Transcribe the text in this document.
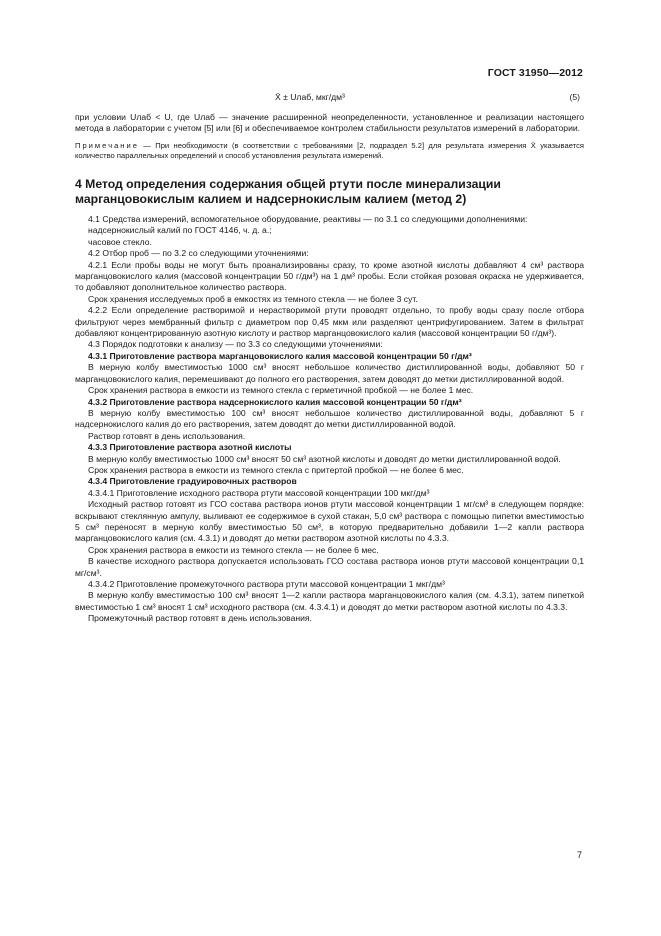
ГОСТ 31950—2012
X̄ ± Uлаб, мкг/дм³	(5)

при условии Uлаб < U, где Uлаб — значение расширенной неопределенности, установленное и реализации настоящего метода в лаборатории с учетом [5] или [6] и обеспечиваемое контролем стабильности результатов измерений в лаборатории.

Примечание — При необходимости (в соответствии с требованиями [2, подраздел 5.2] для результата измерения X̄ указывается количество параллельных определений и способ установления результата измерений.

4 Метод определения содержания общей ртути после минерализации марганцовокислым калием и надсернокислым калием (метод 2)

4.1 Средства измерений, вспомогательное оборудование, реактивы — по 3.1 со следующими дополнениями:

надсернокислый калий по ГОСТ 4146, ч. д. а.;

часовое стекло.

4.2 Отбор проб — по 3.2 со следующими уточнениями:

4.2.1 Если пробы воды не могут быть проанализированы сразу, то кроме азотной кислоты добавляют 4 см³ раствора марганцовокислого калия (массовой концентрации 50 г/дм³) на 1 дм³ пробы. Если стойкая розовая окраска не удерживается, то добавляют дополнительное количество раствора.

Срок хранения исследуемых проб в емкостях из темного стекла — не более 3 сут.

4.2.2 Если определение растворимой и нерастворимой ртути проводят отдельно, то пробу воды сразу после отбора фильтруют через мембранный фильтр с диаметром пор 0,45 мкм или разделяют центрифугированием. Затем в фильтрат добавляют концентрированную азотную кислоту и раствор марганцовокислого калия (массовой концентрации 50 г/дм³).

4.3 Порядок подготовки к анализу — по 3.3 со следующими уточнениями:

4.3.1 Приготовление раствора марганцовокислого калия массовой концентрации 50 г/дм³

В мерную колбу вместимостью 1000 см³ вносят небольшое количество дистиллированной воды, добавляют 50 г марганцовокислого калия, перемешивают до полного его растворения, затем доводят до метки дистиллированной водой.

Срок хранения раствора в емкости из темного стекла с герметичной пробкой — не более 1 мес.

4.3.2 Приготовление раствора надсернокислого калия массовой концентрации 50 г/дм³

В мерную колбу вместимостью 100 см³ вносят небольшое количество дистиллированной воды, добавляют 5 г надсернокислого калия до его растворения, затем доводят до метки дистиллированной водой.

Раствор готовят в день использования.

4.3.3 Приготовление раствора азотной кислоты

В мерную колбу вместимостью 1000 см³ вносят 50 см³ азотной кислоты и доводят до метки дистиллированной водой.

Срок хранения раствора в емкости из темного стекла с притертой пробкой — не более 6 мес.

4.3.4 Приготовление градуировочных растворов

4.3.4.1 Приготовление исходного раствора ртути массовой концентрации 100 мкг/дм³

Исходный раствор готовят из ГСО состава раствора ионов ртути массовой концентрации 1 мг/см³ в следующем порядке: вскрывают стеклянную ампулу, выливают ее содержимое в сухой стакан, 5,0 см³ раствора с помощью пипетки вместимостью 5 см³ переносят в мерную колбу вместимостью 50 см³, в которую предварительно добавили 1—2 капли раствора марганцовокислого калия (см. 4.3.1) и доводят до метки раствором азотной кислоты по 4.3.3.

Срок хранения раствора в емкости из темного стекла — не более 6 мес.

В качестве исходного раствора допускается использовать ГСО состава раствора ионов ртути массовой концентрации 0,1 мг/см³.

4.3.4.2 Приготовление промежуточного раствора ртути массовой концентрации 1 мкг/дм³

В мерную колбу вместимостью 100 см³ вносят 1—2 капли раствора марганцовокислого калия (см. 4.3.1), затем пипеткой вместимостью 1 см³ вносят 1 см³ исходного раствора (см. 4.3.4.1) и доводят до метки раствором азотной кислоты по 4.3.3.

Промежуточный раствор готовят в день использования.

7
